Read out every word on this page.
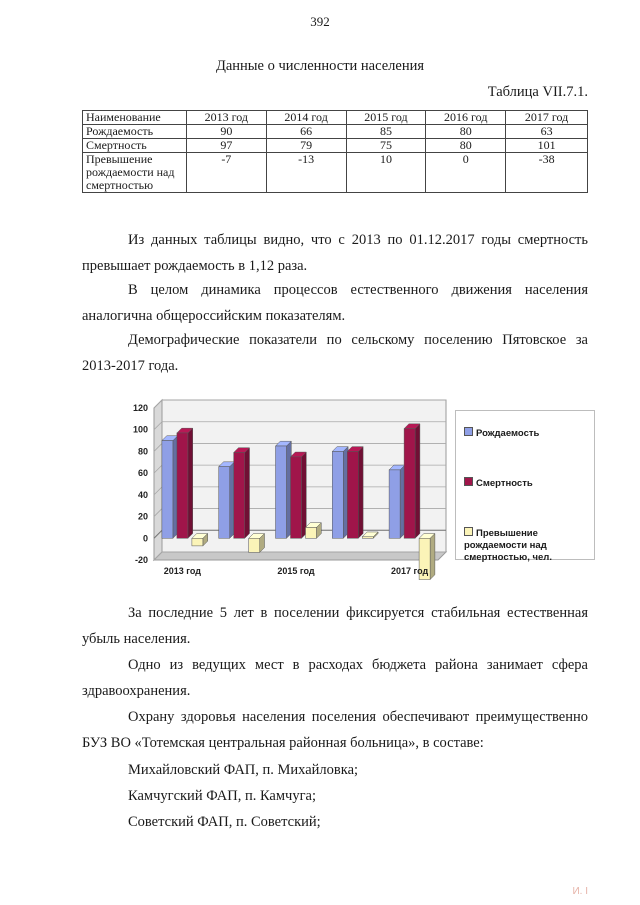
392
Данные о численности населения
Таблица VII.7.1.
Наименование	2013 год	2014 год	2015 год	2016 год	2017 год
Рождаемость	90	66	85	80	63
Смертность	97	79	75	80	101
Превышение рождаемости над смертностью	-7	-13	10	0	-38
Из данных таблицы видно, что с 2013 по 01.12.2017 годы смертность превышает рождаемость в 1,12 раза.
В целом динамика процессов естественного движения населения аналогична общероссийским показателям.
Демографические показатели по сельскому поселению Пятовское за 2013-2017 года.
-20
0
20
40
60
80
100
120
2013 год	2015 год	2017 год
Рождаемость
Смертность
Превышение рождаемости над смертностью, чел.
За последние 5 лет в поселении фиксируется стабильная естественная убыль населения.
Одно из ведущих мест в расходах бюджета района занимает сфера здравоохранения.
Охрану здоровья населения поселения обеспечивают преимущественно БУЗ ВО «Тотемская центральная районная больница», в составе:
Михайловский ФАП, п. Михайловка;
Камчугский ФАП, п. Камчуга;
Советский ФАП, п. Советский;
И. I
